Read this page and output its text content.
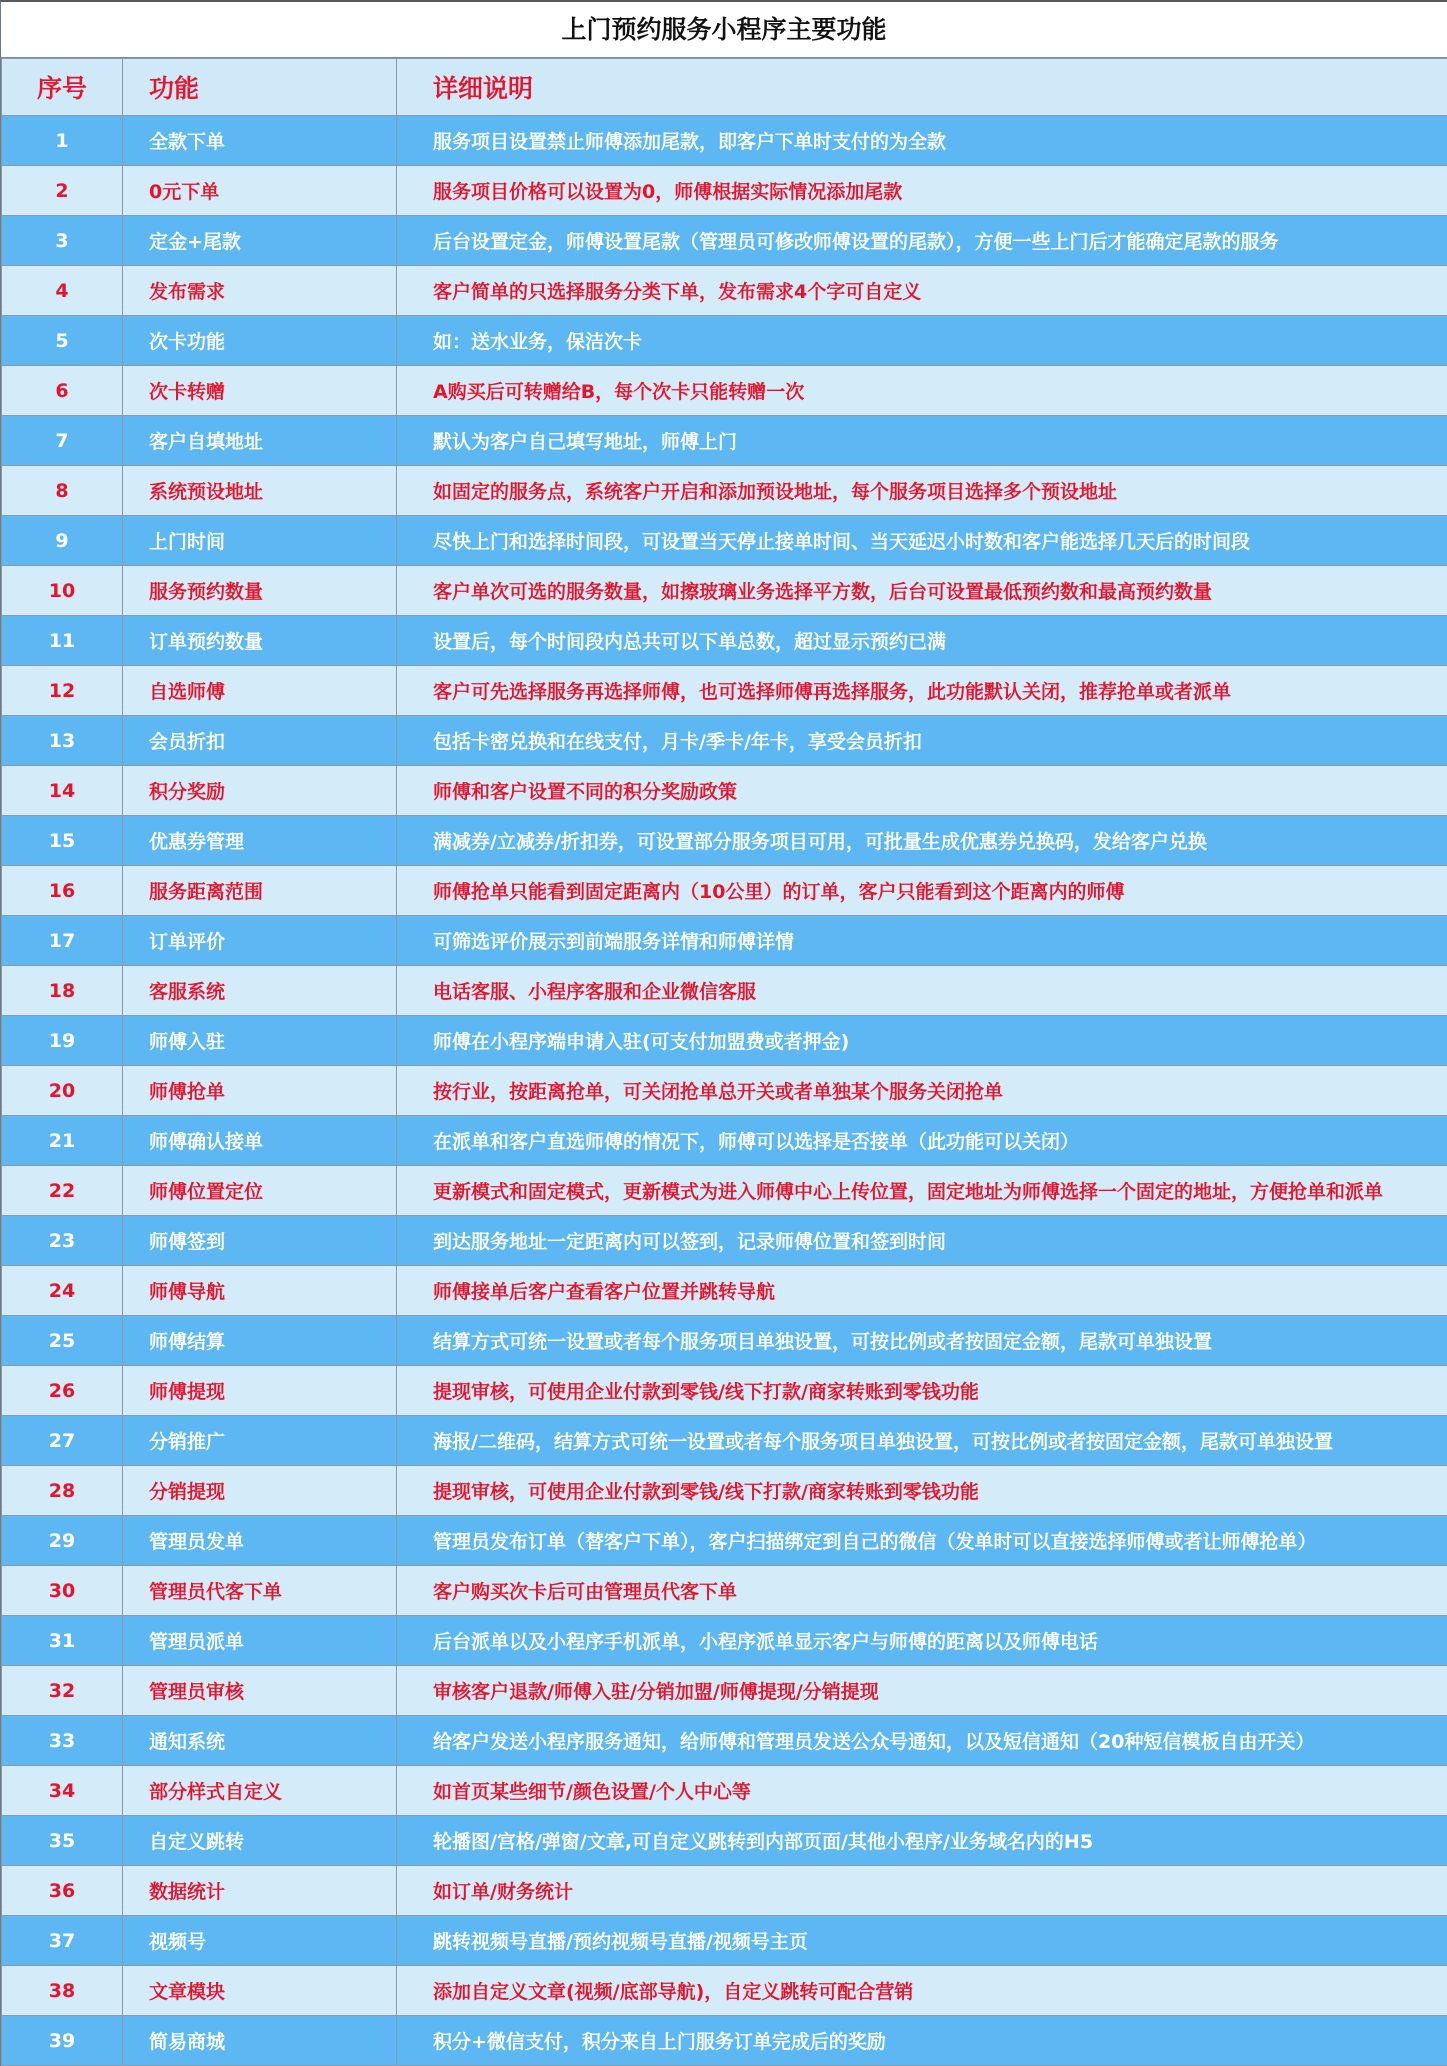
上门预约服务小程序主要功能
序号	功能	详细说明
1	全款下单	服务项目设置禁止师傅添加尾款，即客户下单时支付的为全款
2	0元下单	服务项目价格可以设置为0，师傅根据实际情况添加尾款
3	定金+尾款	后台设置定金，师傅设置尾款（管理员可修改师傅设置的尾款），方便一些上门后才能确定尾款的服务
4	发布需求	客户简单的只选择服务分类下单，发布需求4个字可自定义
5	次卡功能	如：送水业务，保洁次卡
6	次卡转赠	A购买后可转赠给B，每个次卡只能转赠一次
7	客户自填地址	默认为客户自己填写地址，师傅上门
8	系统预设地址	如固定的服务点，系统客户开启和添加预设地址，每个服务项目选择多个预设地址
9	上门时间	尽快上门和选择时间段，可设置当天停止接单时间、当天延迟小时数和客户能选择几天后的时间段
10	服务预约数量	客户单次可选的服务数量，如擦玻璃业务选择平方数，后台可设置最低预约数和最高预约数量
11	订单预约数量	设置后，每个时间段内总共可以下单总数，超过显示预约已满
12	自选师傅	客户可先选择服务再选择师傅，也可选择师傅再选择服务，此功能默认关闭，推荐抢单或者派单
13	会员折扣	包括卡密兑换和在线支付，月卡/季卡/年卡，享受会员折扣
14	积分奖励	师傅和客户设置不同的积分奖励政策
15	优惠券管理	满减券/立减券/折扣券，可设置部分服务项目可用，可批量生成优惠券兑换码，发给客户兑换
16	服务距离范围	师傅抢单只能看到固定距离内（10公里）的订单，客户只能看到这个距离内的师傅
17	订单评价	可筛选评价展示到前端服务详情和师傅详情
18	客服系统	电话客服、小程序客服和企业微信客服
19	师傅入驻	师傅在小程序端申请入驻(可支付加盟费或者押金)
20	师傅抢单	按行业，按距离抢单，可关闭抢单总开关或者单独某个服务关闭抢单
21	师傅确认接单	在派单和客户直选师傅的情况下，师傅可以选择是否接单（此功能可以关闭）
22	师傅位置定位	更新模式和固定模式，更新模式为进入师傅中心上传位置，固定地址为师傅选择一个固定的地址，方便抢单和派单
23	师傅签到	到达服务地址一定距离内可以签到，记录师傅位置和签到时间
24	师傅导航	师傅接单后客户查看客户位置并跳转导航
25	师傅结算	结算方式可统一设置或者每个服务项目单独设置，可按比例或者按固定金额，尾款可单独设置
26	师傅提现	提现审核，可使用企业付款到零钱/线下打款/商家转账到零钱功能
27	分销推广	海报/二维码，结算方式可统一设置或者每个服务项目单独设置，可按比例或者按固定金额，尾款可单独设置
28	分销提现	提现审核，可使用企业付款到零钱/线下打款/商家转账到零钱功能
29	管理员发单	管理员发布订单（替客户下单），客户扫描绑定到自己的微信（发单时可以直接选择师傅或者让师傅抢单）
30	管理员代客下单	客户购买次卡后可由管理员代客下单
31	管理员派单	后台派单以及小程序手机派单，小程序派单显示客户与师傅的距离以及师傅电话
32	管理员审核	审核客户退款/师傅入驻/分销加盟/师傅提现/分销提现
33	通知系统	给客户发送小程序服务通知，给师傅和管理员发送公众号通知，以及短信通知（20种短信模板自由开关）
34	部分样式自定义	如首页某些细节/颜色设置/个人中心等
35	自定义跳转	轮播图/宫格/弹窗/文章,可自定义跳转到内部页面/其他小程序/业务域名内的H5
36	数据统计	如订单/财务统计
37	视频号	跳转视频号直播/预约视频号直播/视频号主页
38	文章模块	添加自定义文章(视频/底部导航)，自定义跳转可配合营销
39	简易商城	积分+微信支付，积分来自上门服务订单完成后的奖励
